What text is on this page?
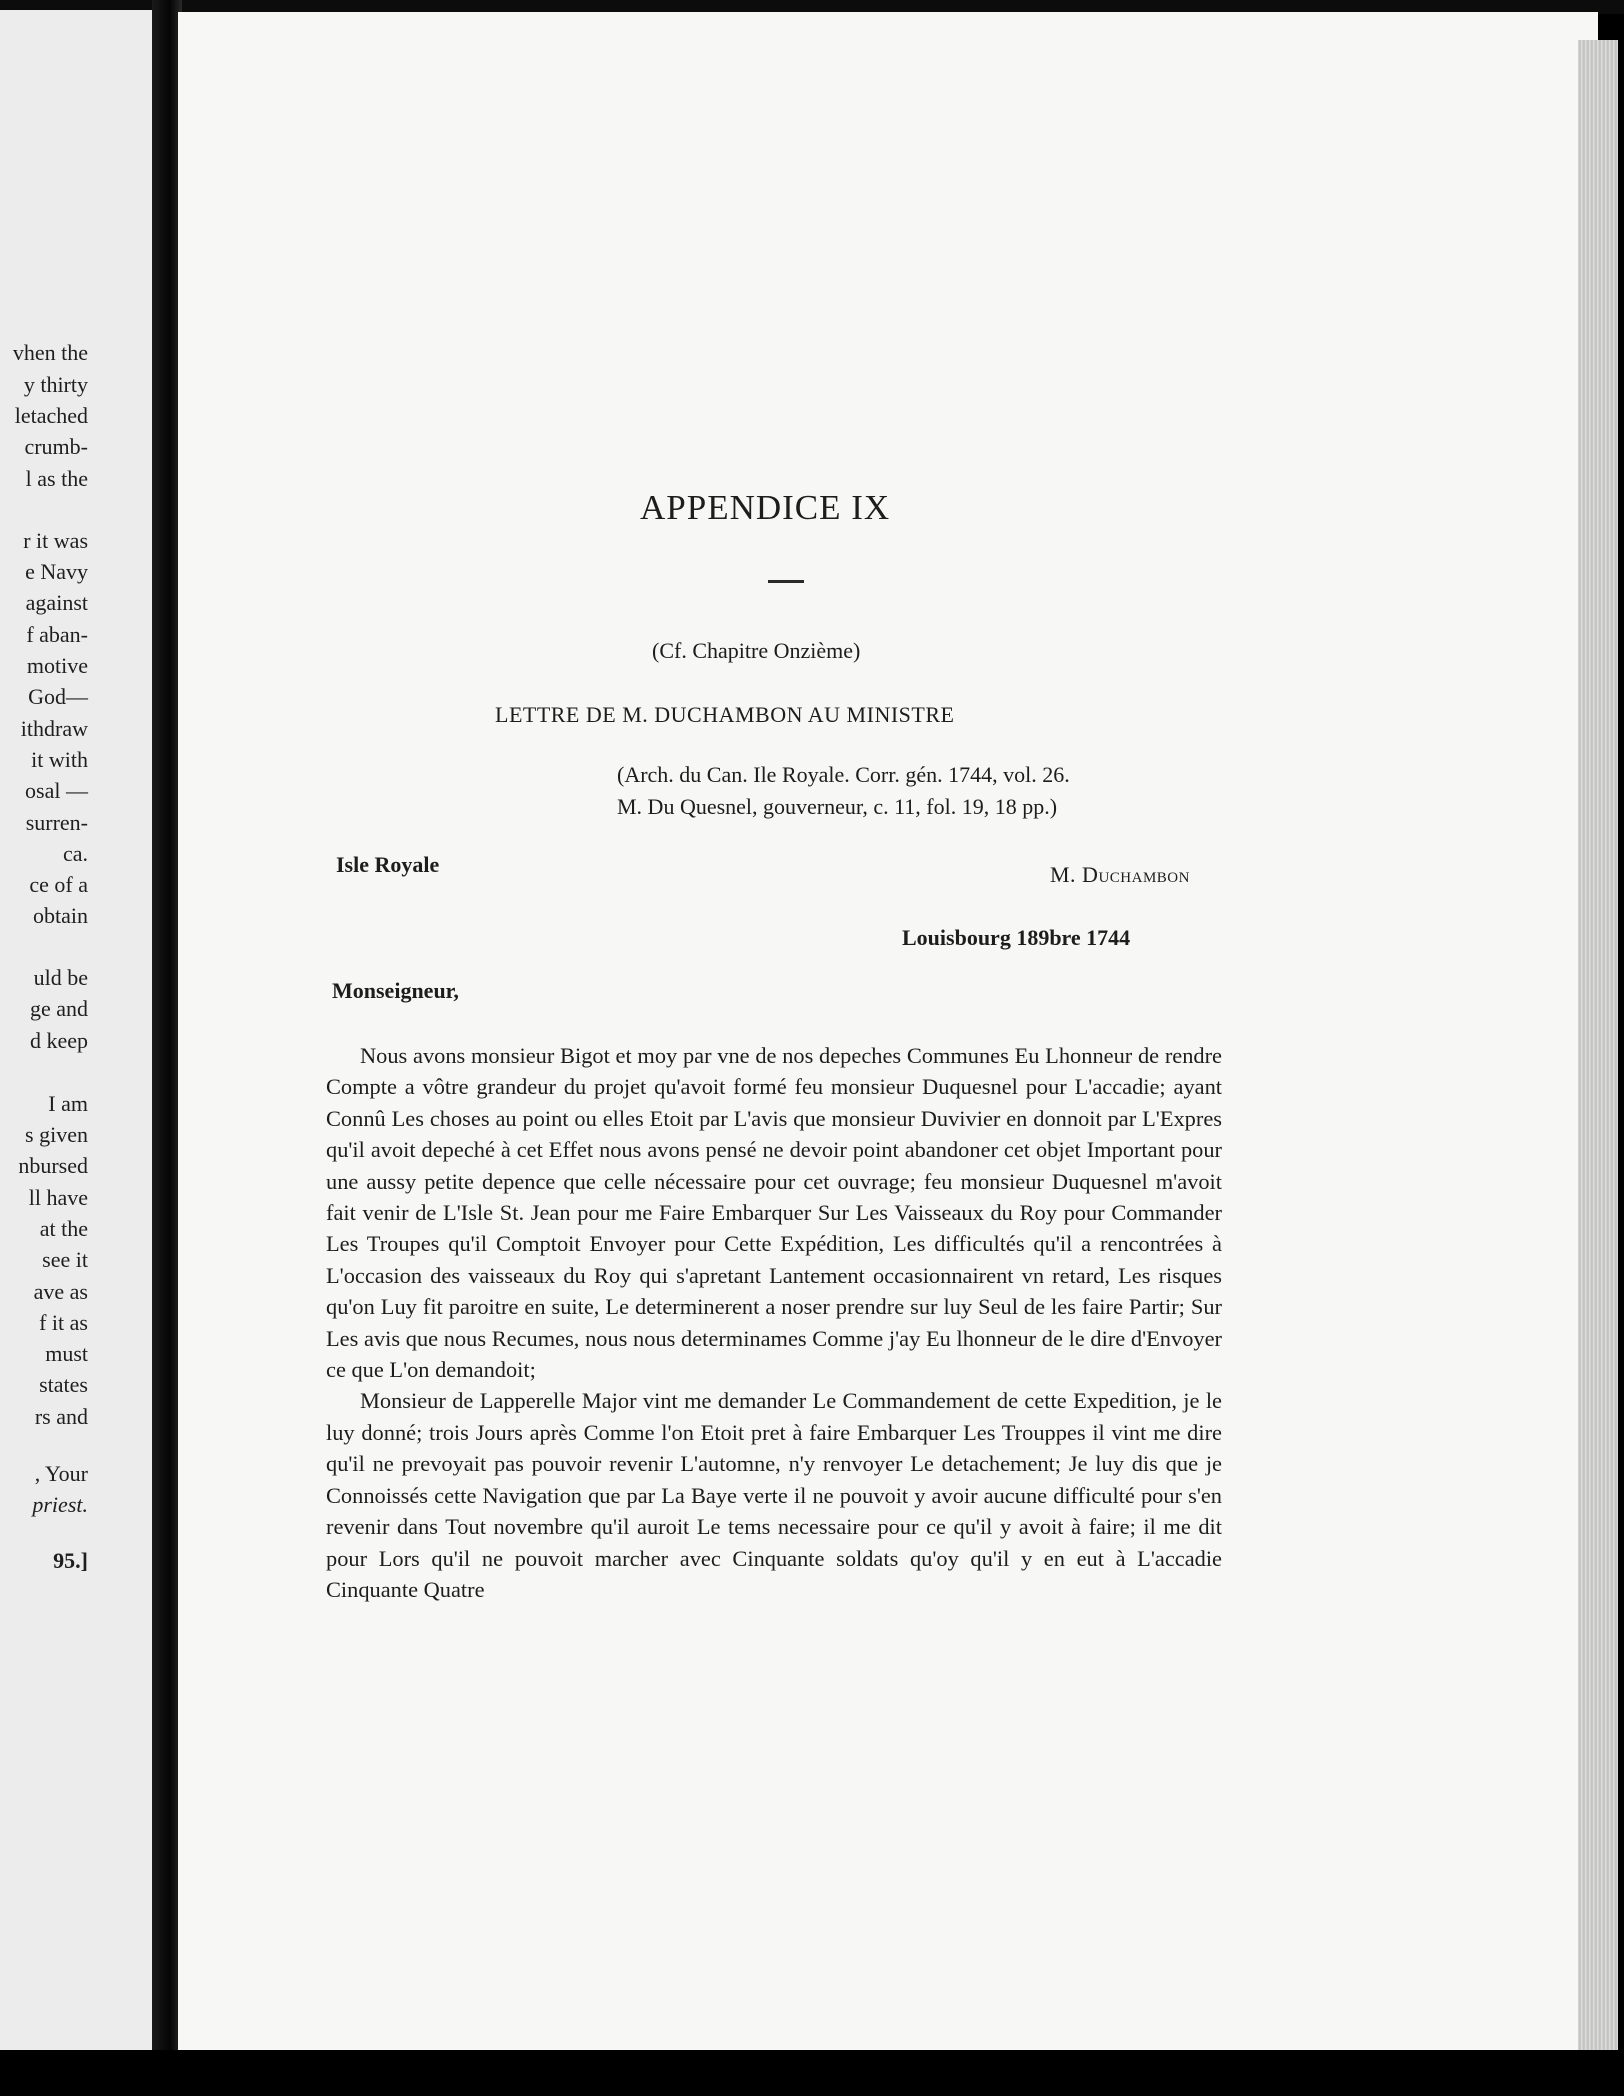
vhen the
y thirty
letached
crumb-
l as the
r it was
e Navy
against
f aban-
motive
God—
ithdraw
it with
osal —
surren-
ca.
ce of a
obtain
uld be
ge and
d keep
I am
s given
nbursed
ll have
at the
see it
ave as
f it as
must
states
rs and
, Your
priest.
95.]
APPENDICE IX
(Cf. Chapitre Onzième)
LETTRE DE M. DUCHAMBON AU MINISTRE
(Arch. du Can. Ile Royale. Corr. gén. 1744, vol. 26.
M. Du Quesnel, gouverneur, c. 11, fol. 19, 18 pp.)
Isle Royale	M. Duchambon
Louisbourg 189bre 1744
Monseigneur,

Nous avons monsieur Bigot et moy par vne de nos depeches Communes Eu Lhonneur de rendre Compte a vôtre grandeur du projet qu'avoit formé feu monsieur Duquesnel pour L'accadie; ayant Connû Les choses au point ou elles Etoit par L'avis que monsieur Duvivier en donnoit par L'Expres qu'il avoit depeché à cet Effet nous avons pensé ne devoir point abandoner cet objet Important pour une aussy petite depence que celle nécessaire pour cet ouvrage; feu monsieur Duquesnel m'avoit fait venir de L'Isle St. Jean pour me Faire Embarquer Sur Les Vaisseaux du Roy pour Commander Les Troupes qu'il Comptoit Envoyer pour Cette Expédition, Les difficultés qu'il a rencontrées à L'occasion des vaisseaux du Roy qui s'apretant Lantement occasionnairent vn retard, Les risques qu'on Luy fit paroitre en suite, Le determinerent a noser prendre sur luy Seul de les faire Partir; Sur Les avis que nous Recumes, nous nous determinames Comme j'ay Eu lhonneur de le dire d'Envoyer ce que L'on demandoit;

Monsieur de Lapperelle Major vint me demander Le Commandement de cette Expedition, je le luy donné; trois Jours après Comme l'on Etoit pret à faire Embarquer Les Trouppes il vint me dire qu'il ne prevoyait pas pouvoir revenir L'automne, n'y renvoyer Le detachement; Je luy dis que je Connoissés cette Navigation que par La Baye verte il ne pouvoit y avoir aucune difficulté pour s'en revenir dans Tout novembre qu'il auroit Le tems necessaire pour ce qu'il y avoit à faire; il me dit pour Lors qu'il ne pouvoit marcher avec Cinquante soldats qu'oy qu'il y en eut à L'accadie Cinquante Quatre
